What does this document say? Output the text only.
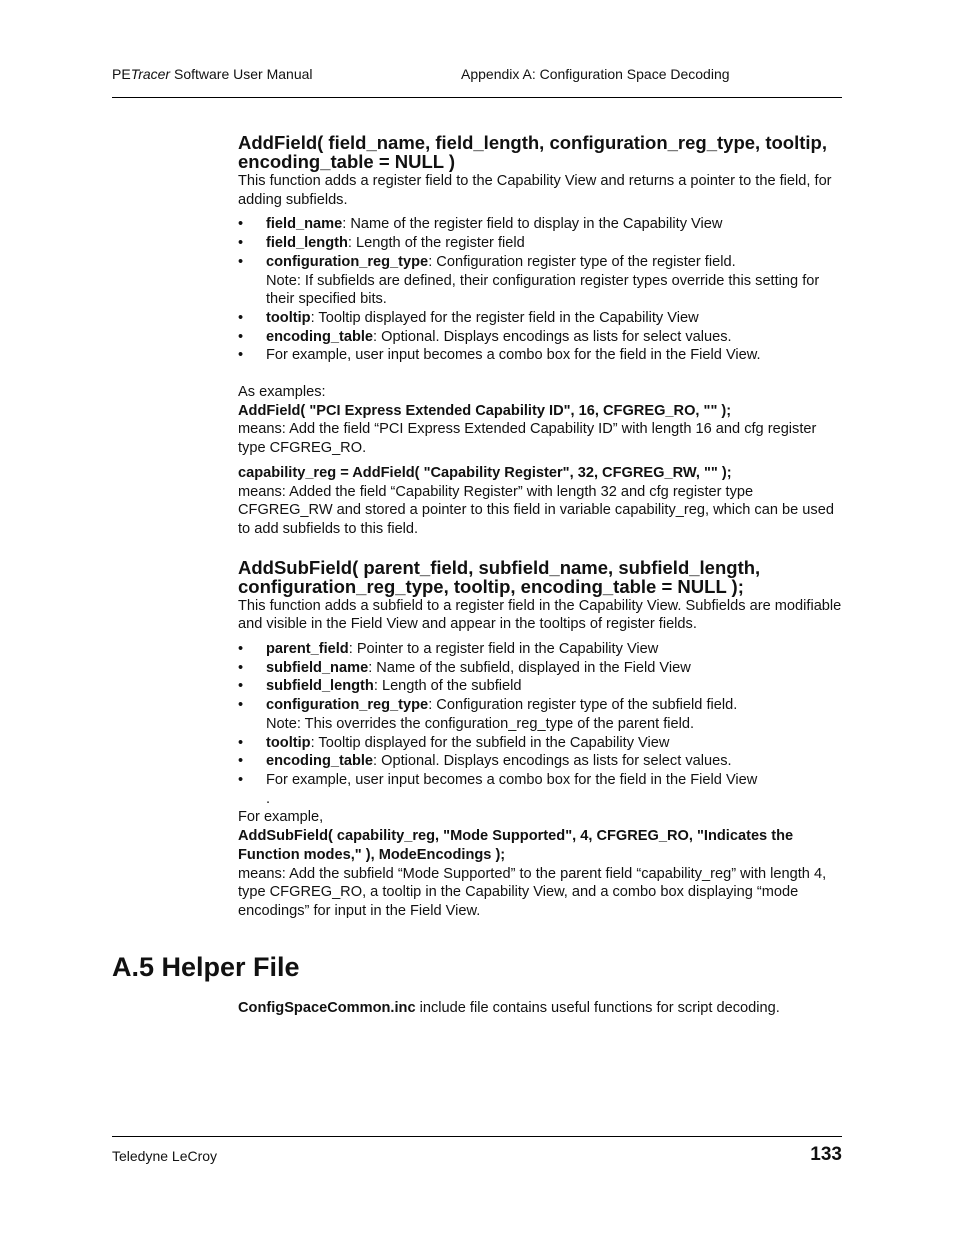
PETracer Software User Manual	Appendix A: Configuration Space Decoding
AddField( field_name, field_length, configuration_reg_type, tooltip, encoding_table = NULL )

This function adds a register field to the Capability View and returns a pointer to the field, for adding subfields.

• field_name: Name of the register field to display in the Capability View
• field_length: Length of the register field
• configuration_reg_type: Configuration register type of the register field.
Note: If subfields are defined, their configuration register types override this setting for their specified bits.
• tooltip: Tooltip displayed for the register field in the Capability View
• encoding_table: Optional. Displays encodings as lists for select values.
• For example, user input becomes a combo box for the field in the Field View.

As examples:

AddField( "PCI Express Extended Capability ID", 16, CFGREG_RO, "" );

means: Add the field “PCI Express Extended Capability ID” with length 16 and cfg register type CFGREG_RO.

capability_reg = AddField( "Capability Register", 32, CFGREG_RW, "" );

means: Added the field “Capability Register” with length 32 and cfg register type CFGREG_RW and stored a pointer to this field in variable capability_reg, which can be used to add subfields to this field.

AddSubField( parent_field, subfield_name, subfield_length, configuration_reg_type, tooltip, encoding_table = NULL );

This function adds a subfield to a register field in the Capability View. Subfields are modifiable and visible in the Field View and appear in the tooltips of register fields.

• parent_field: Pointer to a register field in the Capability View
• subfield_name: Name of the subfield, displayed in the Field View
• subfield_length: Length of the subfield
• configuration_reg_type: Configuration register type of the subfield field.
Note: This overrides the configuration_reg_type of the parent field.
• tooltip: Tooltip displayed for the subfield in the Capability View
• encoding_table: Optional. Displays encodings as lists for select values.
• For example, user input becomes a combo box for the field in the Field View
.

For example,

AddSubField( capability_reg, "Mode Supported", 4, CFGREG_RO, "Indicates the Function modes," ), ModeEncodings );

means: Add the subfield “Mode Supported” to the parent field “capability_reg” with length 4, type CFGREG_RO, a tooltip in the Capability View, and a combo box displaying “mode encodings” for input in the Field View.

A.5 Helper File

ConfigSpaceCommon.inc include file contains useful functions for script decoding.

Teledyne LeCroy	133
